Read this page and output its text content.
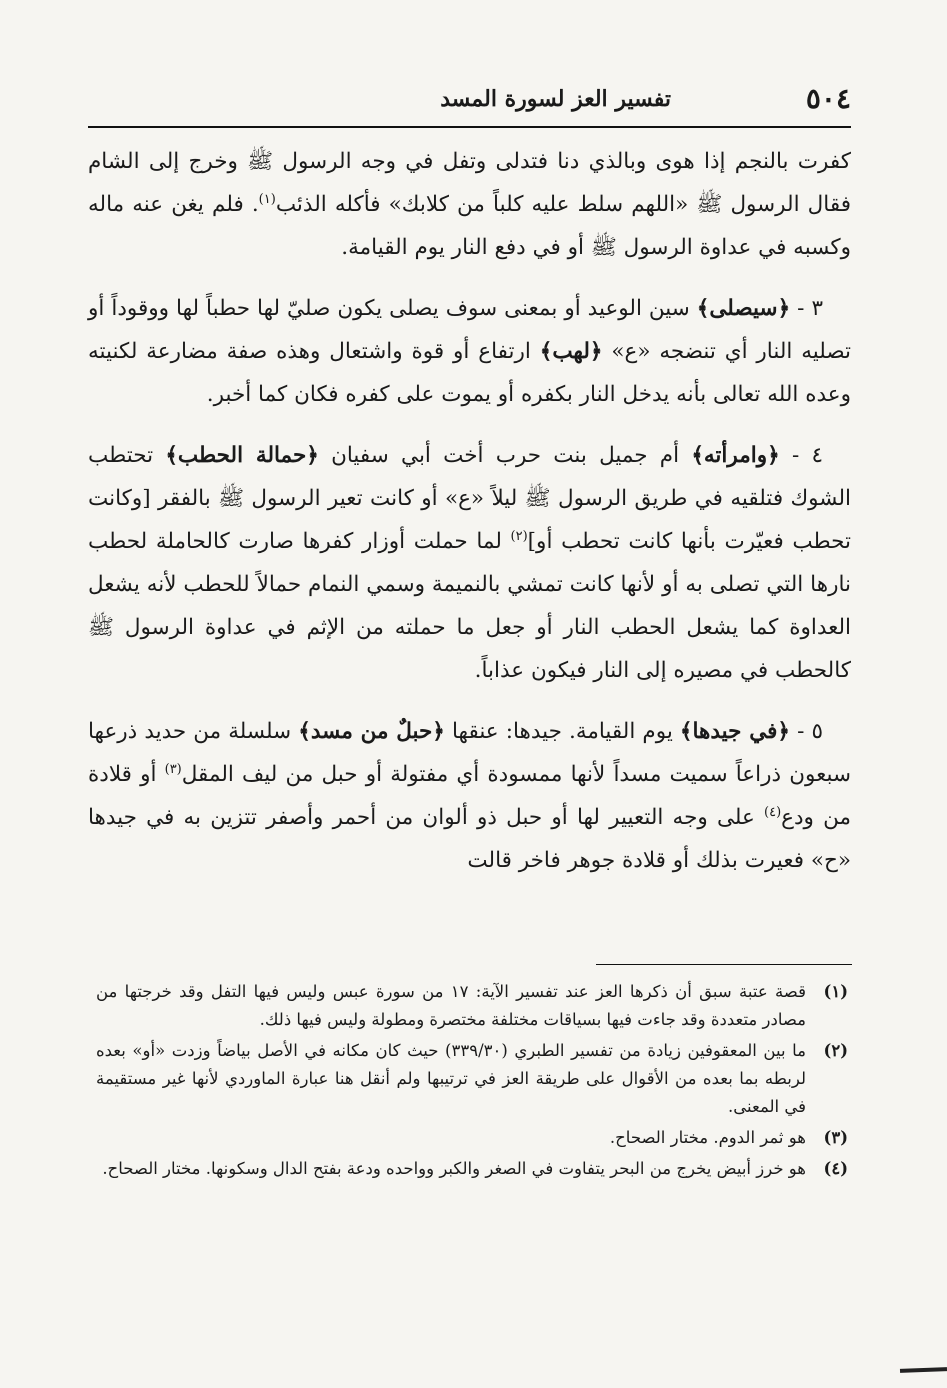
٥٠٤
تفسير العز لسورة المسد

كفرت بالنجم إذا هوى وبالذي دنا فتدلى وتفل في وجه الرسول ﷺ وخرج إلى الشام فقال الرسول ﷺ «اللهم سلط عليه كلباً من كلابك» فأكله الذئب$^{(١)}$. فلم يغن عنه ماله وكسبه في عداوة الرسول ﷺ أو في دفع النار يوم القيامة.

٣ - ﴿سيصلى﴾ سين الوعيد أو بمعنى سوف يصلى يكون صليّ لها حطباً لها ووقوداً أو تصليه النار أي تنضجه «ع» ﴿لهب﴾ ارتفاع أو قوة واشتعال وهذه صفة مضارعة لكنيته وعده الله تعالى بأنه يدخل النار بكفره أو يموت على كفره فكان كما أخبر.

٤ - ﴿وامرأته﴾ أم جميل بنت حرب أخت أبي سفيان ﴿حمالة الحطب﴾ تحتطب الشوك فتلقيه في طريق الرسول ﷺ ليلاً «ع» أو كانت تعير الرسول ﷺ بالفقر [وكانت تحطب فعيّرت بأنها كانت تحطب أو]$^{(٢)}$ لما حملت أوزار كفرها صارت كالحاملة لحطب نارها التي تصلى به أو لأنها كانت تمشي بالنميمة وسمي النمام حمالاً للحطب لأنه يشعل العداوة كما يشعل الحطب النار أو جعل ما حملته من الإثم في عداوة الرسول ﷺ كالحطب في مصيره إلى النار فيكون عذاباً.

٥ - ﴿في جيدها﴾ يوم القيامة. جيدها: عنقها ﴿حبلٌ من مسد﴾ سلسلة من حديد ذرعها سبعون ذراعاً سميت مسداً لأنها ممسودة أي مفتولة أو حبل من ليف المقل$^{(٣)}$ أو قلادة من ودع$^{(٤)}$ على وجه التعيير لها أو حبل ذو ألوان من أحمر وأصفر تتزين به في جيدها «ح» فعيرت بذلك أو قلادة جوهر فاخر قالت

(١)
قصة عتبة سبق أن ذكرها العز عند تفسير الآية: ١٧ من سورة عبس وليس فيها التفل وقد خرجتها من مصادر متعددة وقد جاءت فيها بسياقات مختلفة مختصرة ومطولة وليس فيها ذلك.
(٢)
ما بين المعقوفين زيادة من تفسير الطبري (٣٣٩/٣٠) حيث كان مكانه في الأصل بياضاً وزدت «أو» بعده لربطه بما بعده من الأقوال على طريقة العز في ترتيبها ولم أنقل هنا عبارة الماوردي لأنها غير مستقيمة في المعنى.
(٣)
هو ثمر الدوم. مختار الصحاح.
(٤)
هو خرز أبيض يخرج من البحر يتفاوت في الصغر والكبر وواحده ودعة بفتح الدال وسكونها. مختار الصحاح.
